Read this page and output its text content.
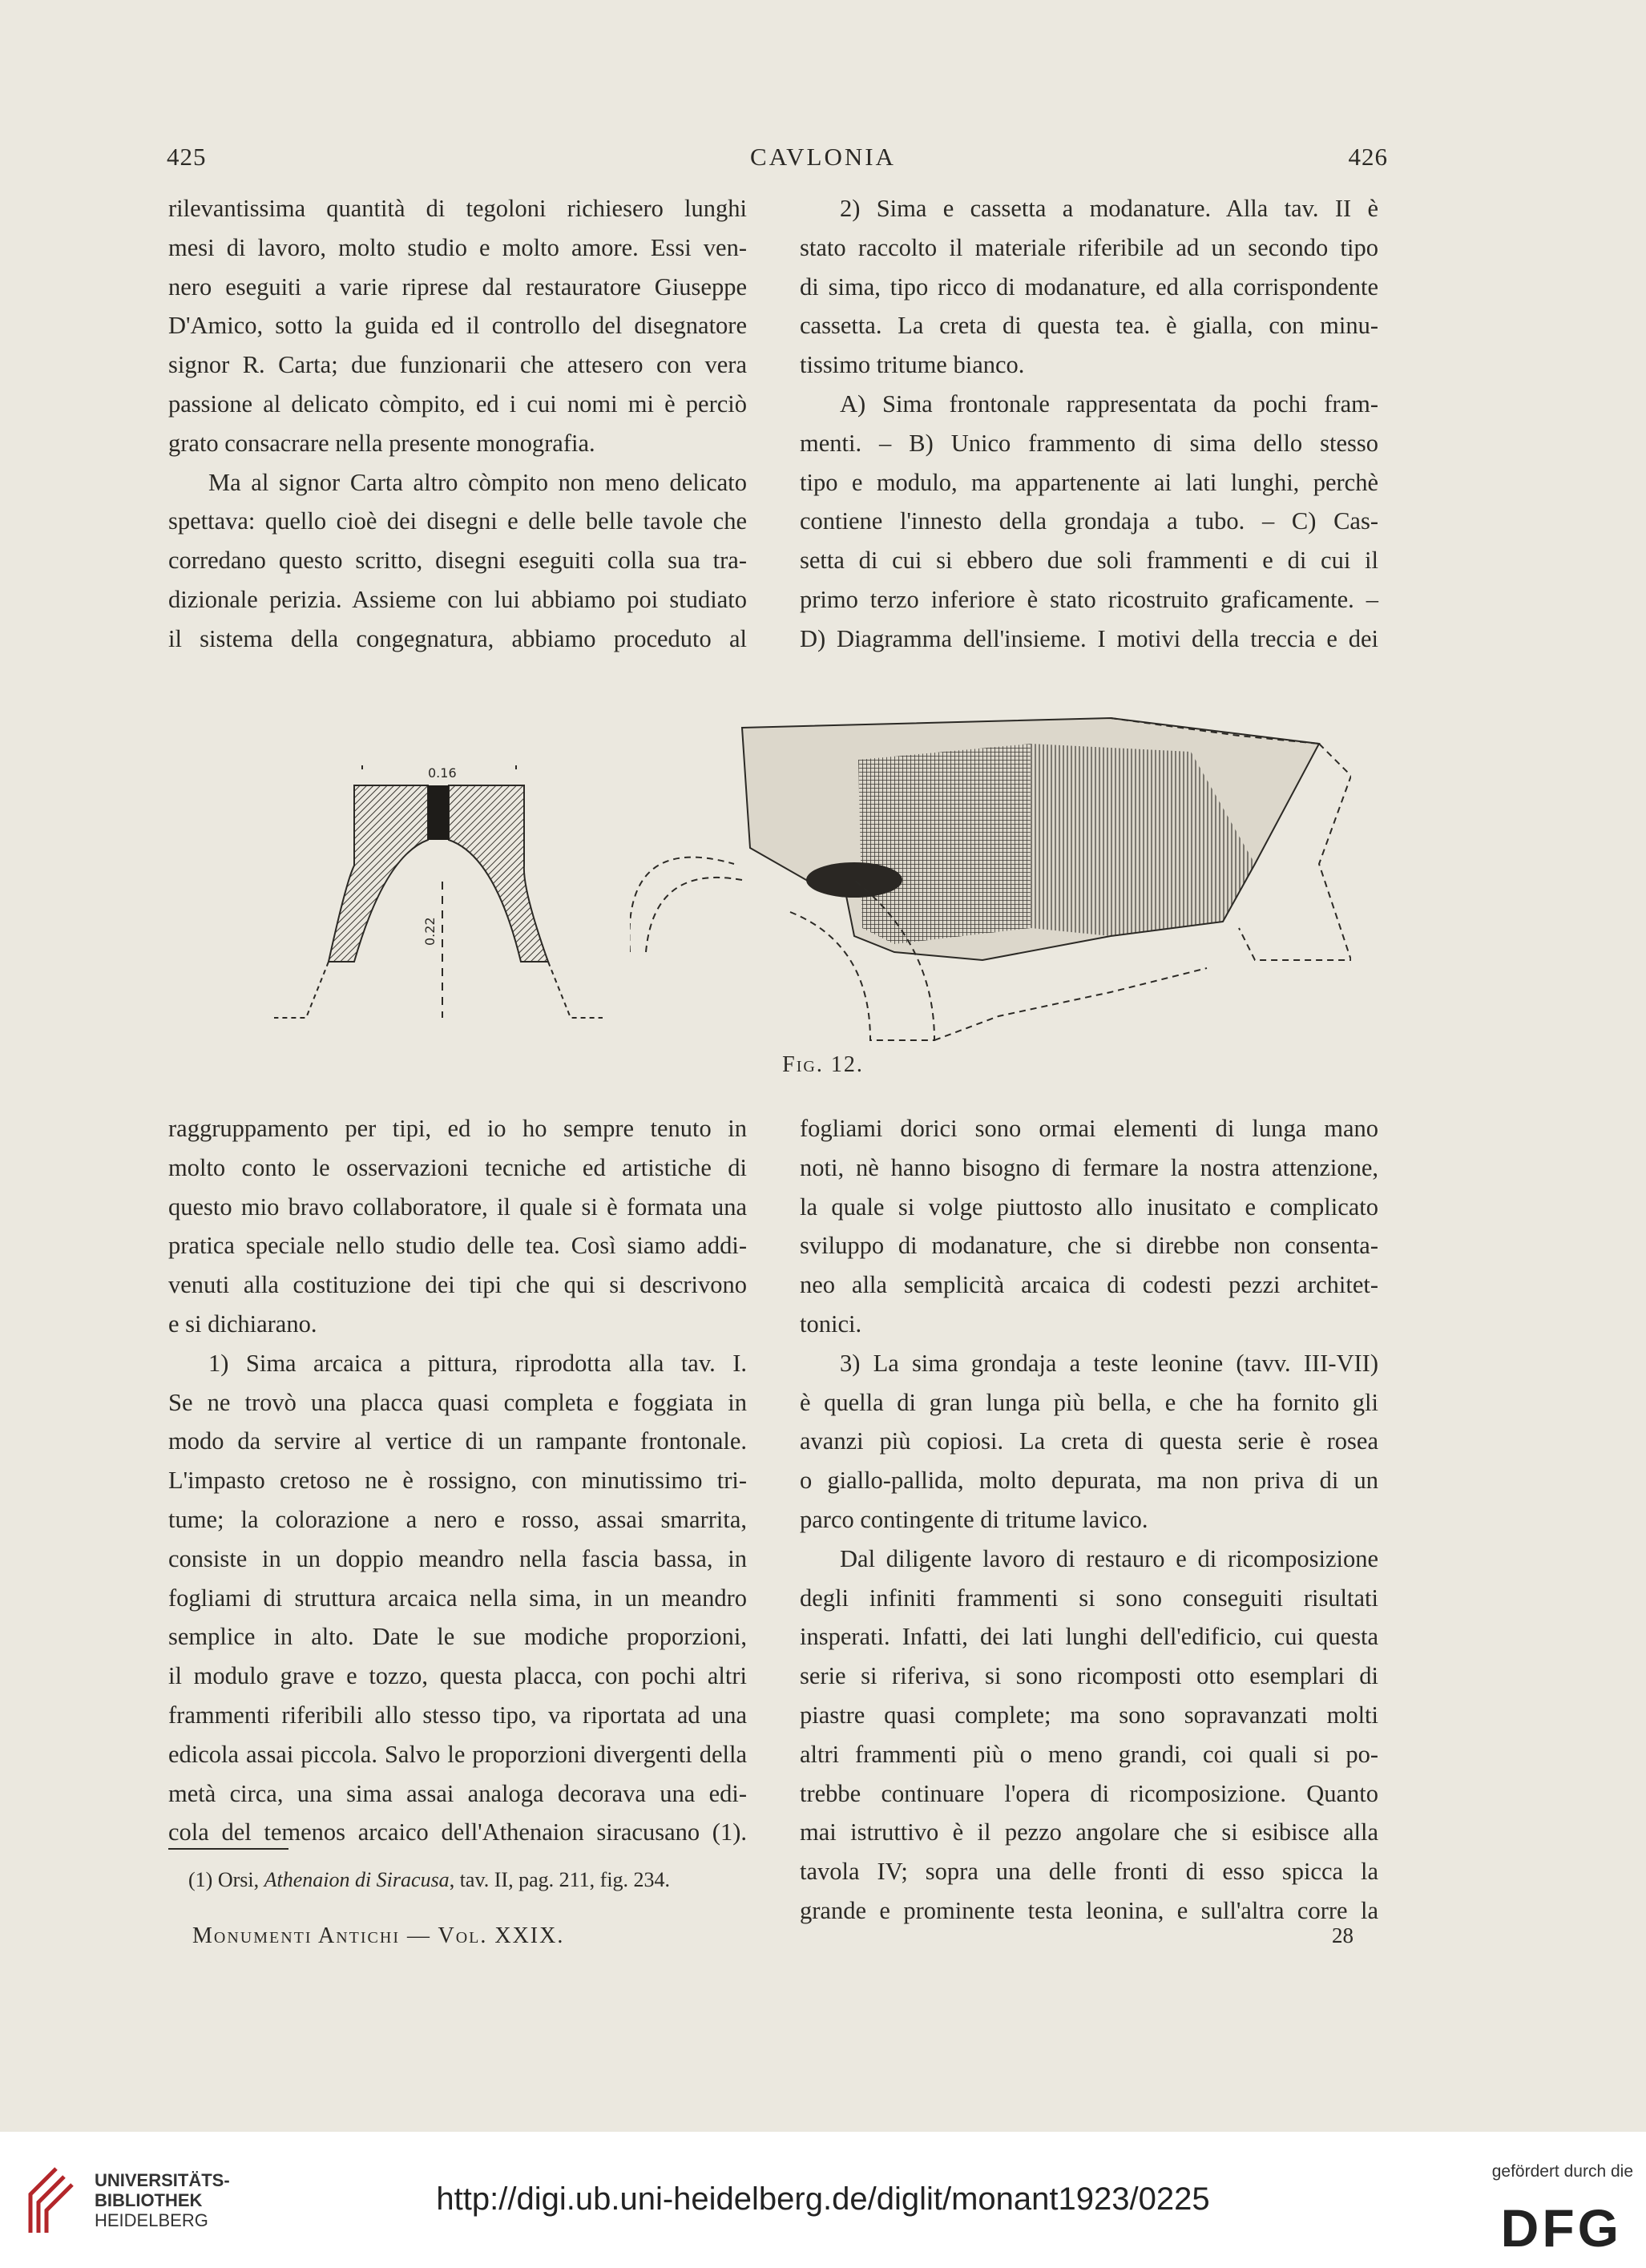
425	CAVLONIA	426
rilevantissima quantità di tegoloni richiesero lunghi
mesi di lavoro, molto studio e molto amore. Essi ven-
nero eseguiti a varie riprese dal restauratore Giuseppe
D'Amico, sotto la guida ed il controllo del disegnatore
signor R. Carta; due funzionarii che attesero con vera
passione al delicato còmpito, ed i cui nomi mi è perciò
grato consacrare nella presente monografia.
Ma al signor Carta altro còmpito non meno delicato
spettava: quello cioè dei disegni e delle belle tavole che
corredano questo scritto, disegni eseguiti colla sua tra-
dizionale perizia. Assieme con lui abbiamo poi studiato
il sistema della congegnatura, abbiamo proceduto al
2) Sima e cassetta a modanature. Alla tav. II è
stato raccolto il materiale riferibile ad un secondo tipo
di sima, tipo ricco di modanature, ed alla corrispondente
cassetta. La creta di questa tea. è gialla, con minu-
tissimo tritume bianco.
A) Sima frontonale rappresentata da pochi fram-
menti. – B) Unico frammento di sima dello stesso
tipo e modulo, ma appartenente ai lati lunghi, perchè
contiene l'innesto della grondaja a tubo. – C) Cas-
setta di cui si ebbero due soli frammenti e di cui il
primo terzo inferiore è stato ricostruito graficamente. –
D) Diagramma dell'insieme. I motivi della treccia e dei
0.16
0.22
Fig. 12.
raggruppamento per tipi, ed io ho sempre tenuto in
molto conto le osservazioni tecniche ed artistiche di
questo mio bravo collaboratore, il quale si è formata una
pratica speciale nello studio delle tea. Così siamo addi-
venuti alla costituzione dei tipi che qui si descrivono
e si dichiarano.
1) Sima arcaica a pittura, riprodotta alla tav. I.
Se ne trovò una placca quasi completa e foggiata in
modo da servire al vertice di un rampante frontonale.
L'impasto cretoso ne è rossigno, con minutissimo tri-
tume; la colorazione a nero e rosso, assai smarrita,
consiste in un doppio meandro nella fascia bassa, in
fogliami di struttura arcaica nella sima, in un meandro
semplice in alto. Date le sue modiche proporzioni,
il modulo grave e tozzo, questa placca, con pochi altri
frammenti riferibili allo stesso tipo, va riportata ad una
edicola assai piccola. Salvo le proporzioni divergenti della
metà circa, una sima assai analoga decorava una edi-
cola del temenos arcaico dell'Athenaion siracusano (1).
fogliami dorici sono ormai elementi di lunga mano
noti, nè hanno bisogno di fermare la nostra attenzione,
la quale si volge piuttosto allo inusitato e complicato
sviluppo di modanature, che si direbbe non consenta-
neo alla semplicità arcaica di codesti pezzi architet-
tonici.
3) La sima grondaja a teste leonine (tavv. III-VII)
è quella di gran lunga più bella, e che ha fornito gli
avanzi più copiosi. La creta di questa serie è rosea
o giallo-pallida, molto depurata, ma non priva di un
parco contingente di tritume lavico.
Dal diligente lavoro di restauro e di ricomposizione
degli infiniti frammenti si sono conseguiti risultati
insperati. Infatti, dei lati lunghi dell'edificio, cui questa
serie si riferiva, si sono ricomposti otto esemplari di
piastre quasi complete; ma sono sopravanzati molti
altri frammenti più o meno grandi, coi quali si po-
trebbe continuare l'opera di ricomposizione. Quanto
mai istruttivo è il pezzo angolare che si esibisce alla
tavola IV; sopra una delle fronti di esso spicca la
grande e prominente testa leonina, e sull'altra corre la
(1) Orsi, Athenaion di Siracusa, tav. II, pag. 211, fig. 234.
Monumenti Antichi — Vol. XXIX.	28
UNIVERSITÄTS-
BIBLIOTHEK
HEIDELBERG
http://digi.ub.uni-heidelberg.de/diglit/monant1923/0225
gefördert durch die
DFG
